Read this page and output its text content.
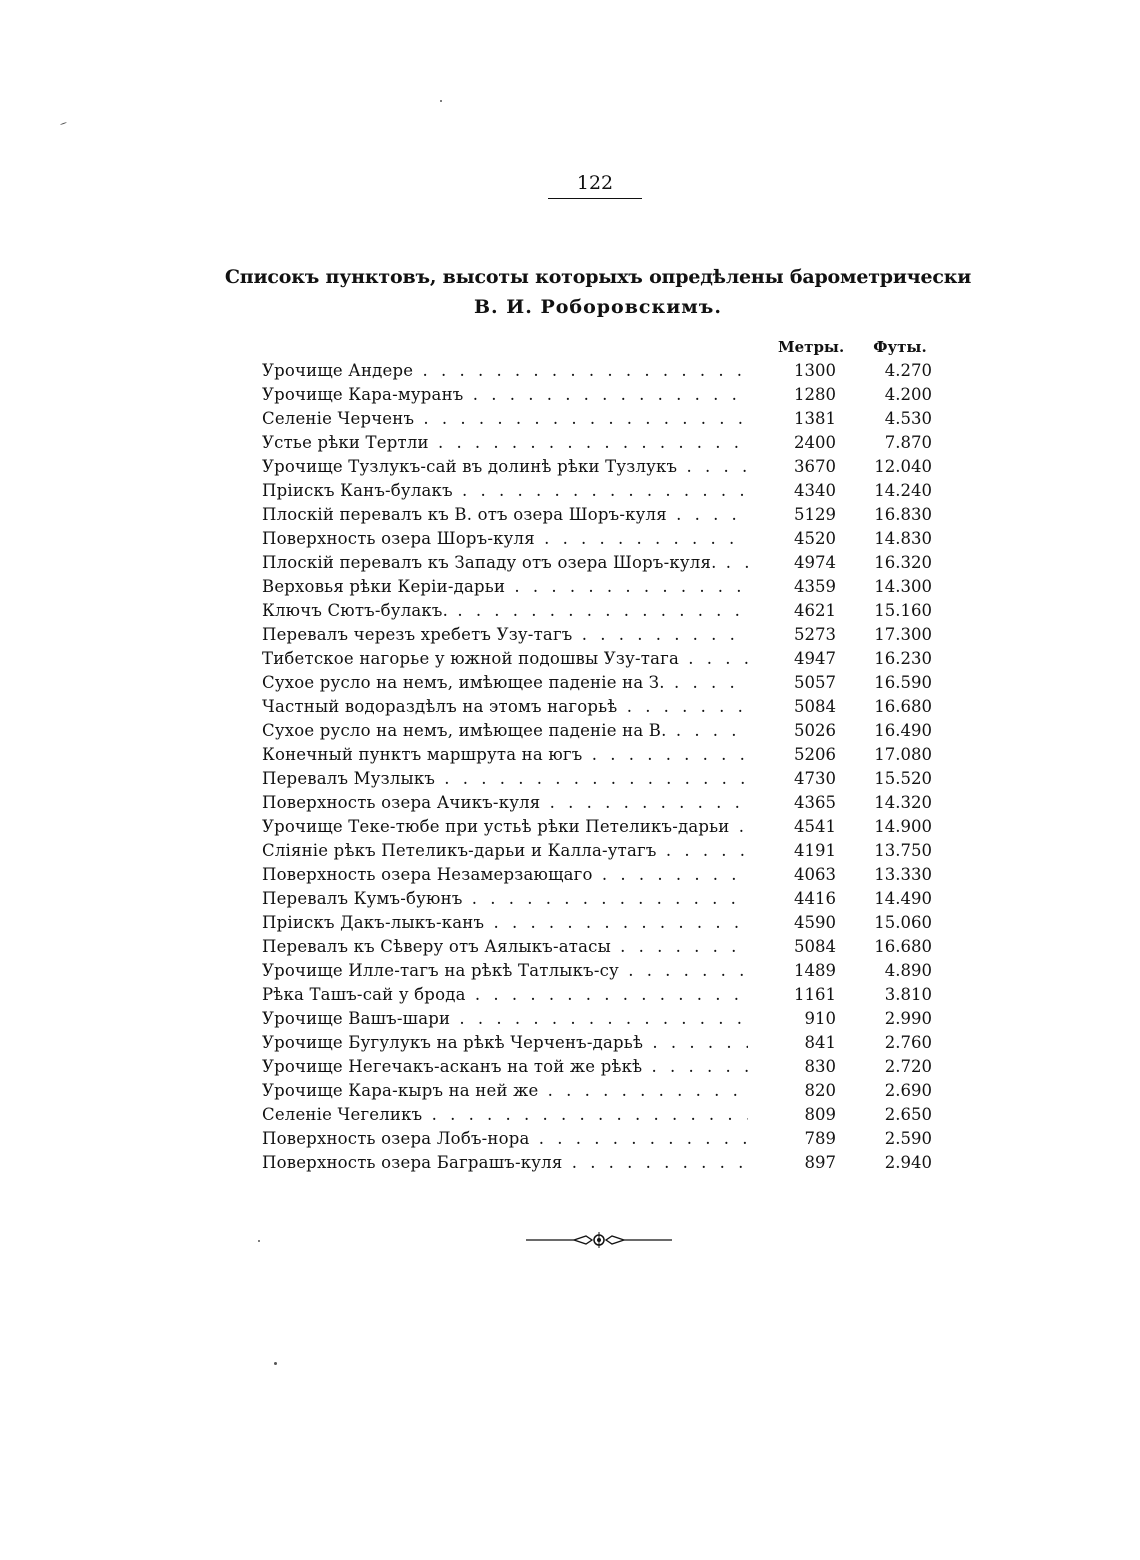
122
Списокъ пунктовъ, высоты которыхъ опредѣлены барометрически
В. И. Роборовскимъ.
Метры. Футы.
Урочище Андере . . .	1300	4.270
Урочище Кара-муранъ . . .	1280	4.200
Селеніе Черченъ . . .	1381	4.530
Устье рѣки Тертли . . .	2400	7.870
Урочище Тузлукъ-сай въ долинѣ рѣки Тузлукъ . . .	3670	12.040
Пріискъ Канъ-булакъ . . .	4340	14.240
Плоскій перевалъ къ В. отъ озера Шоръ-куля . . .	5129	16.830
Поверхность озера Шоръ-куля . . .	4520	14.830
Плоскій перевалъ къ Западу отъ озера Шоръ-куля. . . .	4974	16.320
Верховья рѣки Керіи-дарьи . . .	4359	14.300
Ключъ Сютъ-булакъ. . . .	4621	15.160
Перевалъ черезъ хребетъ Узу-тагъ . . .	5273	17.300
Тибетское нагорье у южной подошвы Узу-тага . . .	4947	16.230
Сухое русло на немъ, имѣющее паденіе на З. . . .	5057	16.590
Частный водораздѣлъ на этомъ нагорьѣ . . .	5084	16.680
Сухое русло на немъ, имѣющее паденіе на В. . . .	5026	16.490
Конечный пунктъ маршрута на югъ . . .	5206	17.080
Перевалъ Музлыкъ . . .	4730	15.520
Поверхность озера Ачикъ-куля . . .	4365	14.320
Урочище Теке-тюбе при устьѣ рѣки Петеликъ-дарьи . . .	4541	14.900
Сліяніе рѣкъ Петеликъ-дарьи и Калла-утагъ . . .	4191	13.750
Поверхность озера Незамерзающаго . . .	4063	13.330
Перевалъ Кумъ-буюнъ . . .	4416	14.490
Пріискъ Дакъ-лыкъ-канъ . . .	4590	15.060
Перевалъ къ Сѣверу отъ Аялыкъ-атасы . . .	5084	16.680
Урочище Илле-тагъ на рѣкѣ Татлыкъ-су . . .	1489	4.890
Рѣка Ташъ-сай у брода . . .	1161	3.810
Урочище Вашъ-шари . . .	910	2.990
Урочище Бугулукъ на рѣкѣ Черченъ-дарьѣ . . .	841	2.760
Урочище Негечакъ-асканъ на той же рѣкѣ . . .	830	2.720
Урочище Кара-кыръ на ней же . . .	820	2.690
Селеніе Чегеликъ . . .	809	2.650
Поверхность озера Лобъ-нора . . .	789	2.590
Поверхность озера Баграшъ-куля . . .	897	2.940
